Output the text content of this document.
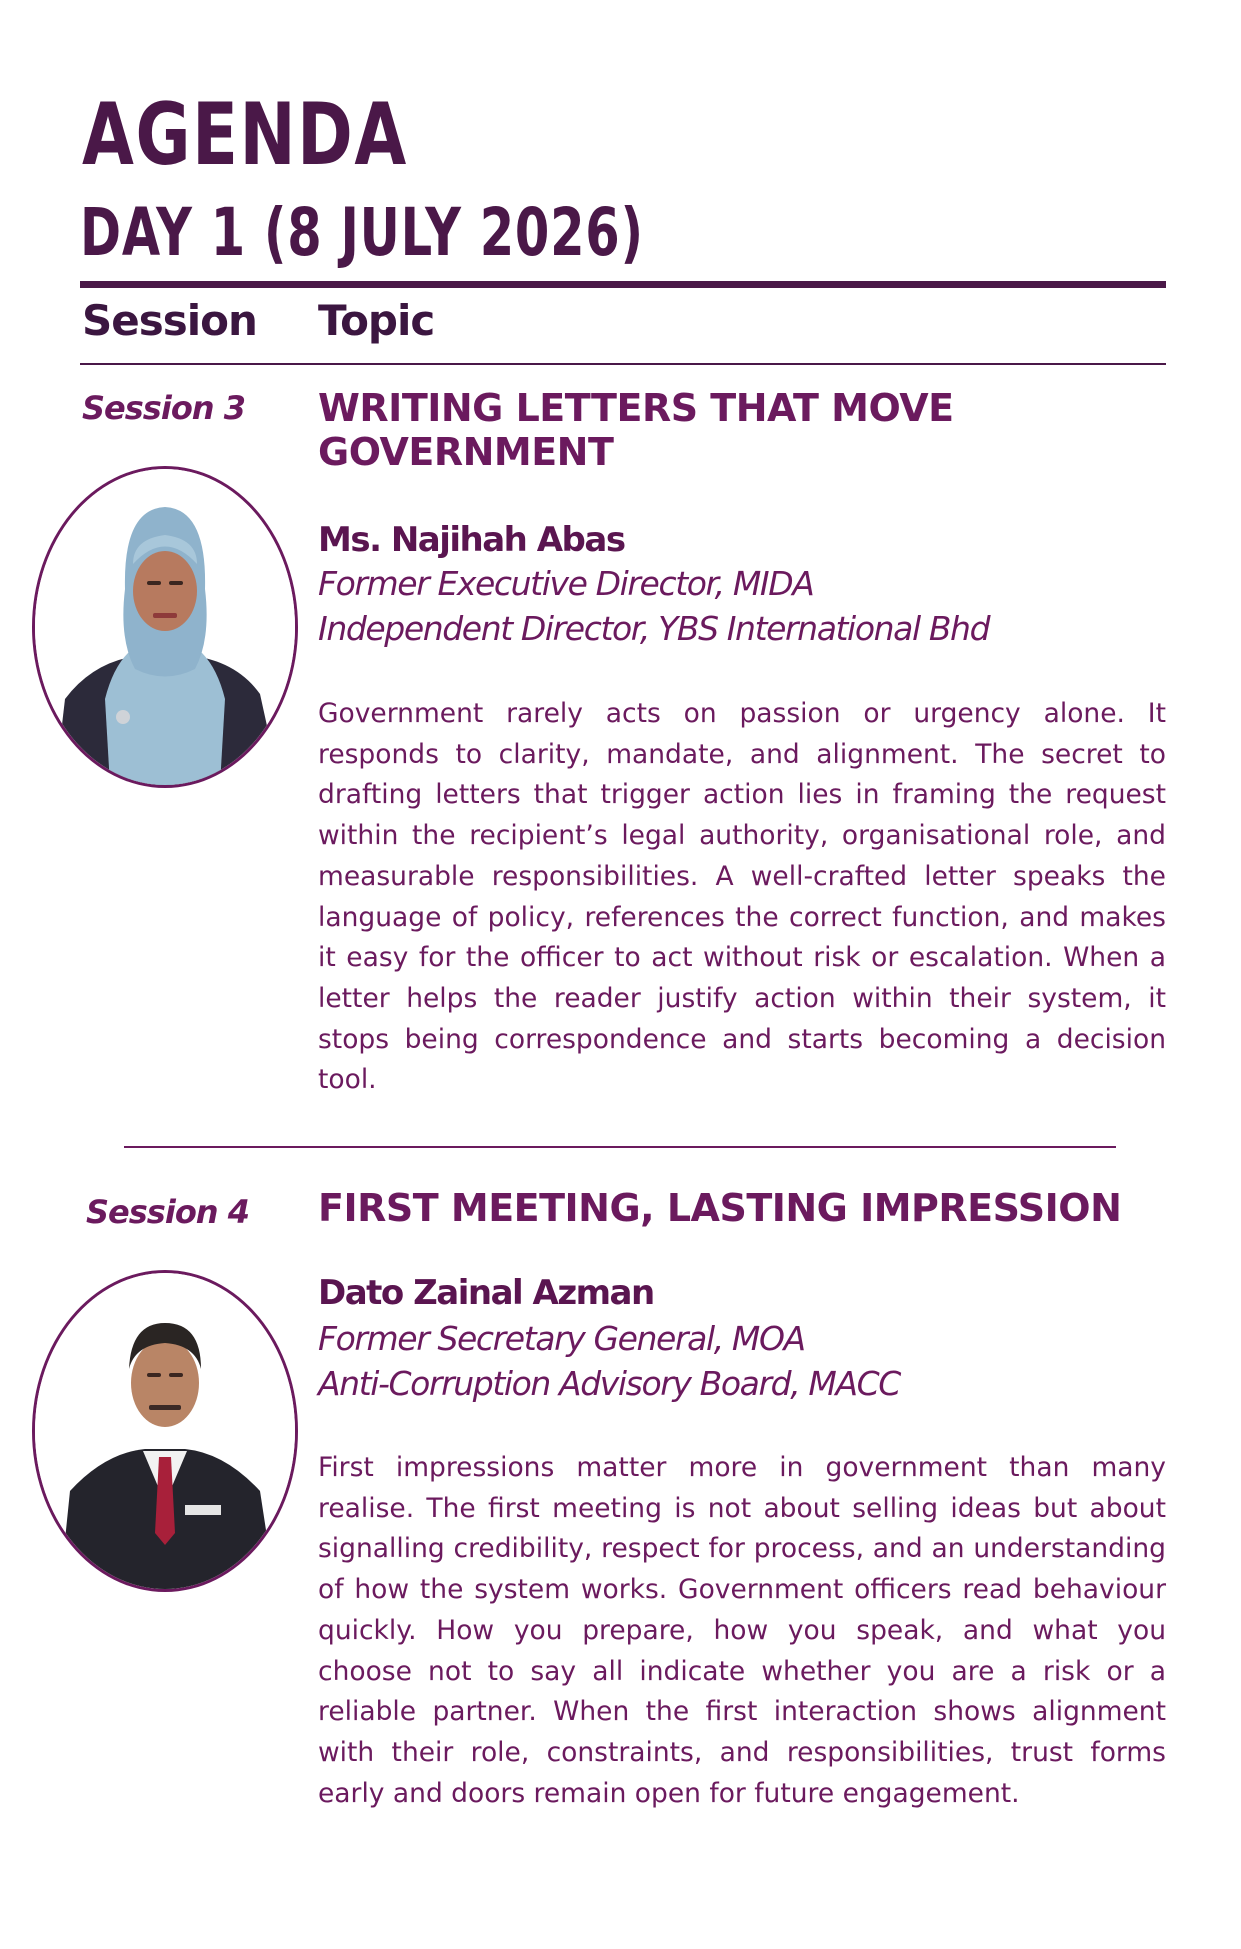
AGENDA
DAY 1 (8 JULY 2026)
Session Topic
Session 3 WRITING LETTERS THAT MOVE GOVERNMENT
Ms. Najihah Abas
Former Executive Director, MIDA
Independent Director, YBS International Bhd

Government rarely acts on passion or urgency alone. It responds to clarity, mandate, and alignment. The secret to drafting letters that trigger action lies in framing the request within the recipient’s legal authority, organisational role, and measurable responsibilities. A well-crafted letter speaks the language of policy, references the correct function, and makes it easy for the officer to act without risk or escalation. When a letter helps the reader justify action within their system, it stops being correspondence and starts becoming a decision tool.

Session 4 FIRST MEETING, LASTING IMPRESSION
Dato Zainal Azman
Former Secretary General, MOA
Anti-Corruption Advisory Board, MACC

First impressions matter more in government than many realise. The first meeting is not about selling ideas but about signalling credibility, respect for process, and an understanding of how the system works. Government officers read behaviour quickly. How you prepare, how you speak, and what you choose not to say all indicate whether you are a risk or a reliable partner. When the first interaction shows alignment with their role, constraints, and responsibilities, trust forms early and doors remain open for future engagement.
